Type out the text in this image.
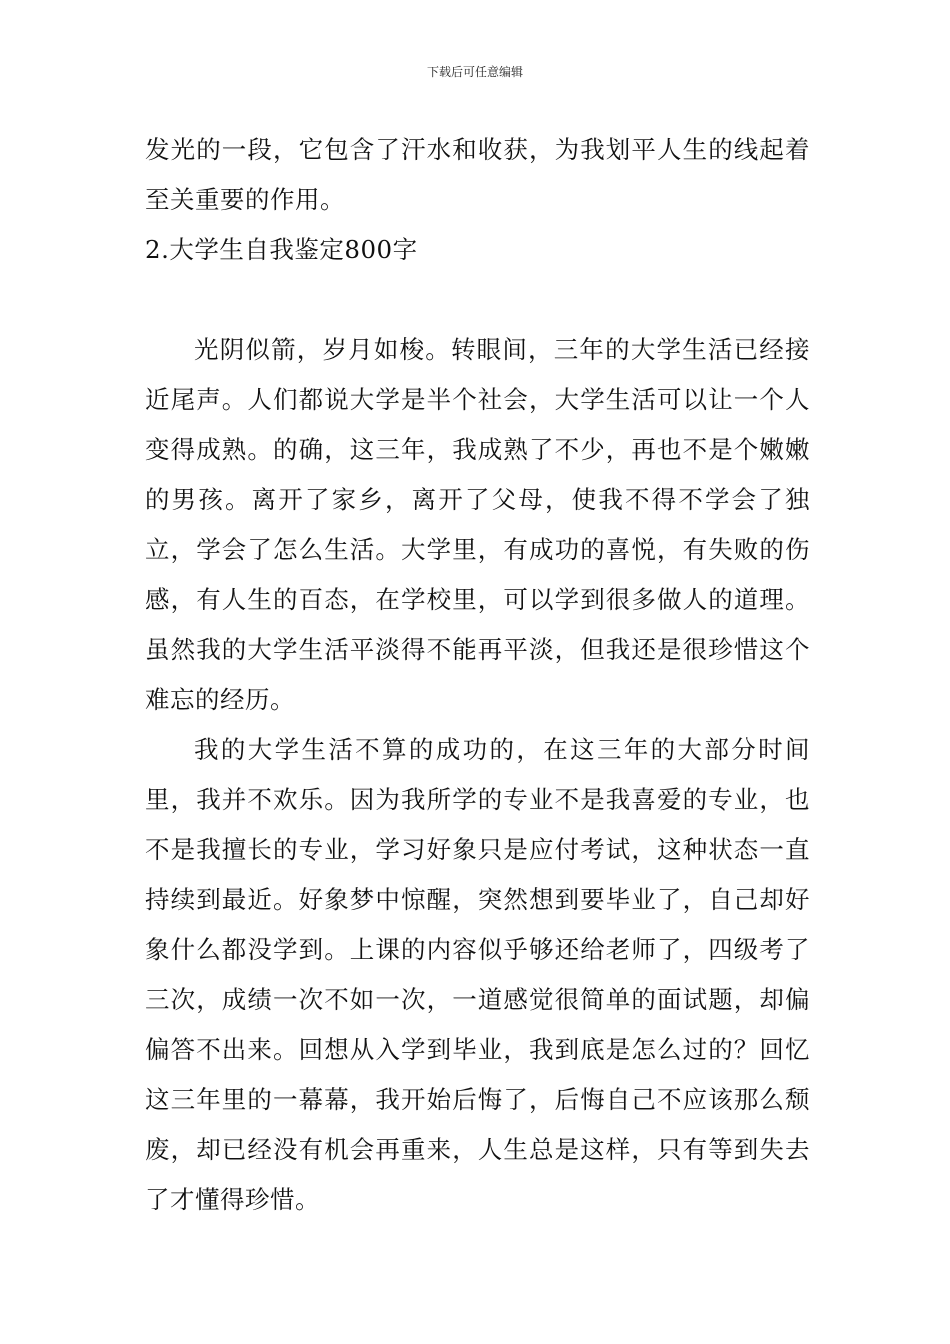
下载后可任意编辑

发光的一段，它包含了汗水和收获，为我划平人生的线起着至关重要的作用。

2.大学生自我鉴定800字

光阴似箭，岁月如梭。转眼间，三年的大学生活已经接近尾声。人们都说大学是半个社会，大学生活可以让一个人变得成熟。的确，这三年，我成熟了不少，再也不是个嫩嫩的男孩。离开了家乡，离开了父母，使我不得不学会了独立，学会了怎么生活。大学里，有成功的喜悦，有失败的伤感，有人生的百态，在学校里，可以学到很多做人的道理。虽然我的大学生活平淡得不能再平淡，但我还是很珍惜这个难忘的经历。

我的大学生活不算的成功的，在这三年的大部分时间里，我并不欢乐。因为我所学的专业不是我喜爱的专业，也不是我擅长的专业，学习好象只是应付考试，这种状态一直持续到最近。好象梦中惊醒，突然想到要毕业了，自己却好象什么都没学到。上课的内容似乎够还给老师了，四级考了三次，成绩一次不如一次，一道感觉很简单的面试题，却偏偏答不出来。回想从入学到毕业，我到底是怎么过的？回忆这三年里的一幕幕，我开始后悔了，后悔自己不应该那么颓废，却已经没有机会再重来，人生总是这样，只有等到失去了才懂得珍惜。
